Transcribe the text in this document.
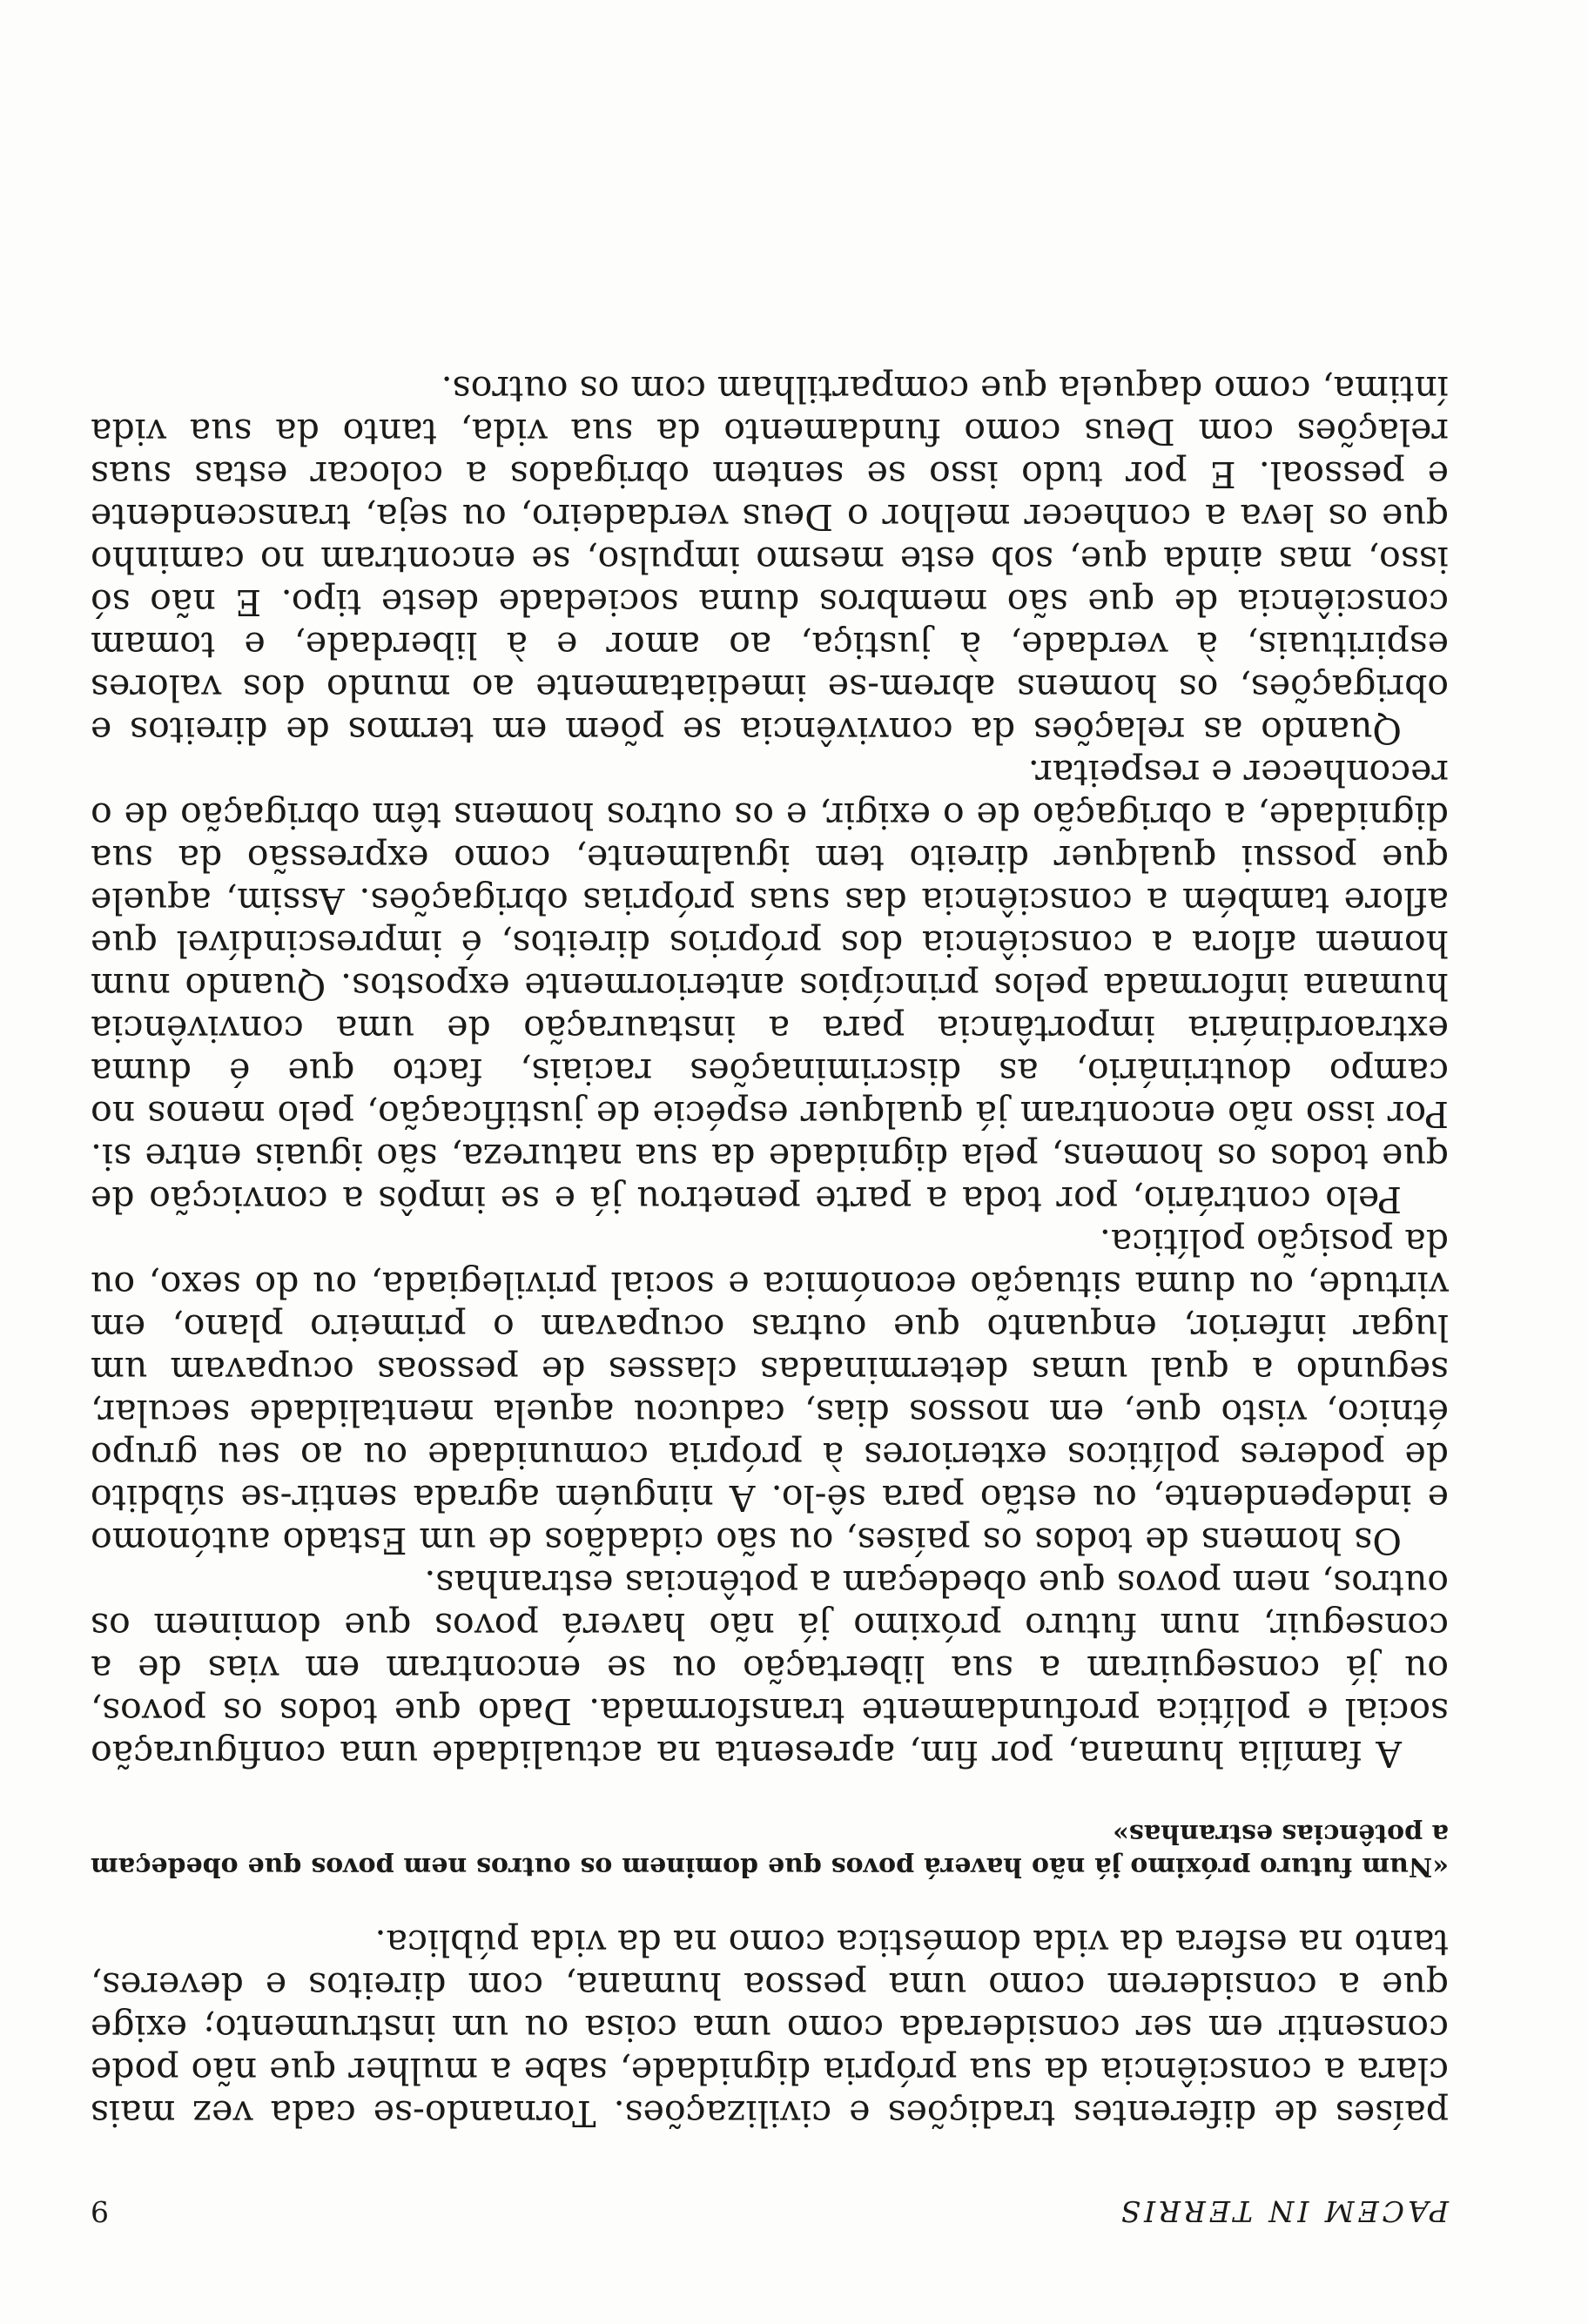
PACEM IN TERRIS
9

países de diferentes tradições e civilizações. Tornando-se cada vez mais clara a consciência da sua própria dignidade, sabe a mulher que não pode consentir em ser considerada como uma coisa ou um instrumento; exige que a considerem como uma pessoa humana, com direitos e deveres, tanto na esfera da vida doméstica como na da vida pública.

«Num futuro próximo já não haverá povos que dominem os outros nem povos que obedeçam a potências estranhas»

A família humana, por fim, apresenta na actualidade uma configuração social e política profundamente transformada. Dado que todos os povos, ou já conseguiram a sua libertação ou se encontram em vias de a conseguir, num futuro próximo já não haverá povos que dominem os outros, nem povos que obedeçam a potências estranhas.

Os homens de todos os países, ou são cidadãos de um Estado autónomo e independente, ou estão para sê-lo. A ninguém agrada sentir-se súbdito de poderes políticos exteriores à própria comunidade ou ao seu grupo étnico, visto que, em nossos dias, caducou aquela mentalidade secular, segundo a qual umas determinadas classes de pessoas ocupavam um lugar inferior, enquanto que outras ocupavam o primeiro plano, em virtude, ou duma situação económica e social privilegiada, ou do sexo, ou da posição política.

Pelo contrário, por toda a parte penetrou já e se impôs a convicção de que todos os homens, pela dignidade da sua natureza, são iguais entre si. Por isso não encontram já qualquer espécie de justificação, pelo menos no campo doutrinário, as discriminações raciais, facto que é duma extraordinária importância para a instauração de uma convivência humana informada pelos princípios anteriormente expostos. Quando num homem aflora a consciência dos próprios direitos, é imprescindível que aflore também a consciência das suas próprias obrigações. Assim, aquele que possui qualquer direito tem igualmente, como expressão da sua dignidade, a obrigação de o exigir, e os outros homens têm obrigação de o reconhecer e respeitar.

Quando as relações da convivência se põem em termos de direitos e obrigações, os homens abrem-se imediatamente ao mundo dos valores espirituais, à verdade, à justiça, ao amor e à liberdade, e tomam consciência de que são membros duma sociedade deste tipo. E não só isso, mas ainda que, sob este mesmo impulso, se encontram no caminho que os leva a conhecer melhor o Deus verdadeiro, ou seja, transcendente e pessoal. E por tudo isso se sentem obrigados a colocar estas suas relações com Deus como fundamento da sua vida, tanto da sua vida íntima, como daquela que compartilham com os outros.
